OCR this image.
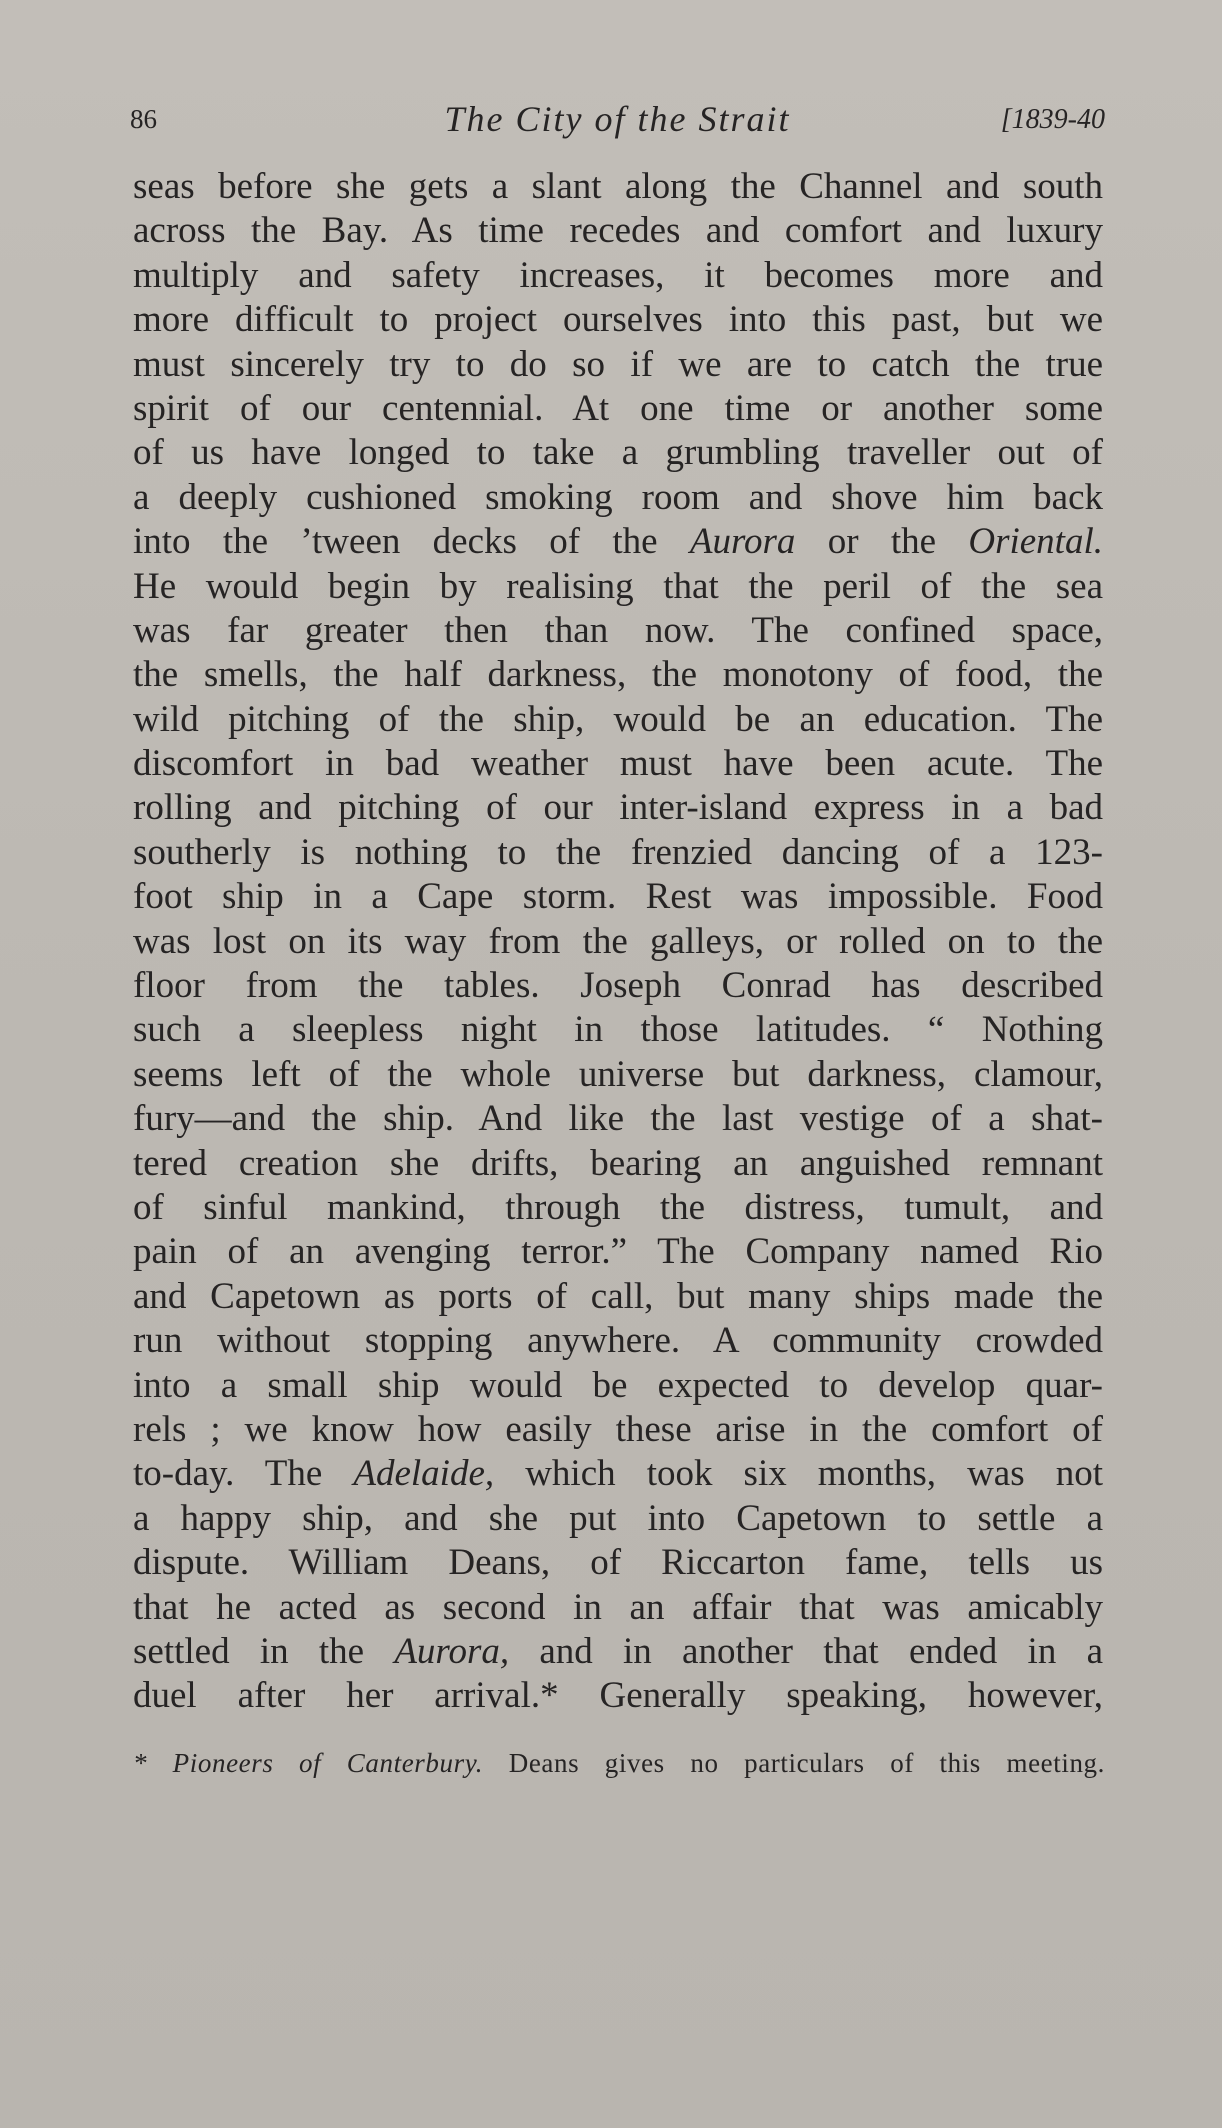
86	The City of the Strait	[1839-40
seas before she gets a slant along the Channel and south
across the Bay. As time recedes and comfort and luxury
multiply and safety increases, it becomes more and
more difficult to project ourselves into this past, but we
must sincerely try to do so if we are to catch the true
spirit of our centennial. At one time or another some
of us have longed to take a grumbling traveller out of
a deeply cushioned smoking room and shove him back
into the ’tween decks of the Aurora or the Oriental.
He would begin by realising that the peril of the sea
was far greater then than now. The confined space,
the smells, the half darkness, the monotony of food, the
wild pitching of the ship, would be an education. The
discomfort in bad weather must have been acute. The
rolling and pitching of our inter-island express in a bad
southerly is nothing to the frenzied dancing of a 123-
foot ship in a Cape storm. Rest was impossible. Food
was lost on its way from the galleys, or rolled on to the
floor from the tables. Joseph Conrad has described
such a sleepless night in those latitudes. “ Nothing
seems left of the whole universe but darkness, clamour,
fury—and the ship. And like the last vestige of a shat-
tered creation she drifts, bearing an anguished remnant
of sinful mankind, through the distress, tumult, and
pain of an avenging terror.” The Company named Rio
and Capetown as ports of call, but many ships made the
run without stopping anywhere. A community crowded
into a small ship would be expected to develop quar-
rels ; we know how easily these arise in the comfort of
to-day. The Adelaide, which took six months, was not
a happy ship, and she put into Capetown to settle a
dispute. William Deans, of Riccarton fame, tells us
that he acted as second in an affair that was amicably
settled in the Aurora, and in another that ended in a
duel after her arrival.* Generally speaking, however,
* Pioneers of Canterbury. Deans gives no particulars of this meeting.
